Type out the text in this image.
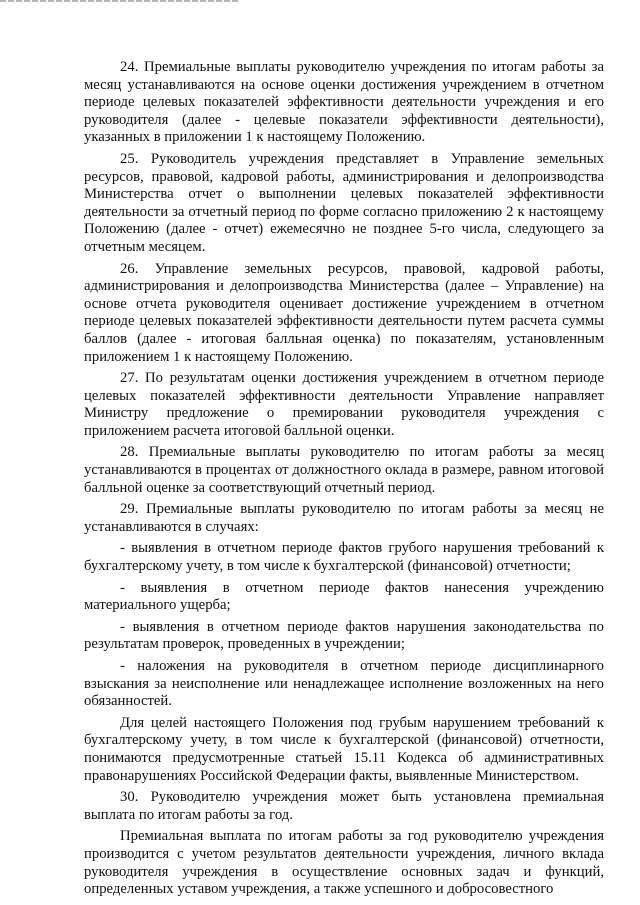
24. Премиальные выплаты руководителю учреждения по итогам работы за месяц устанавливаются на основе оценки достижения учреждением в отчетном периоде целевых показателей эффективности деятельности учреждения и его руководителя (далее - целевые показатели эффективности деятельности), указанных в приложении 1 к настоящему Положению.

25. Руководитель учреждения представляет в Управление земельных ресурсов, правовой, кадровой работы, администрирования и делопроизводства Министерства отчет о выполнении целевых показателей эффективности деятельности за отчетный период по форме согласно приложению 2 к настоящему Положению (далее - отчет) ежемесячно не позднее 5-го числа, следующего за отчетным месяцем.

26. Управление земельных ресурсов, правовой, кадровой работы, администрирования и делопроизводства Министерства (далее – Управление) на основе отчета руководителя оценивает достижение учреждением в отчетном периоде целевых показателей эффективности деятельности путем расчета суммы баллов (далее - итоговая балльная оценка) по показателям, установленным приложением 1 к настоящему Положению.

27. По результатам оценки достижения учреждением в отчетном периоде целевых показателей эффективности деятельности Управление направляет Министру предложение о премировании руководителя учреждения с приложением расчета итоговой балльной оценки.

28. Премиальные выплаты руководителю по итогам работы за месяц устанавливаются в процентах от должностного оклада в размере, равном итоговой балльной оценке за соответствующий отчетный период.

29. Премиальные выплаты руководителю по итогам работы за месяц не устанавливаются в случаях:

- выявления в отчетном периоде фактов грубого нарушения требований к бухгалтерскому учету, в том числе к бухгалтерской (финансовой) отчетности;

- выявления в отчетном периоде фактов нанесения учреждению материального ущерба;

- выявления в отчетном периоде фактов нарушения законодательства по результатам проверок, проведенных в учреждении;

- наложения на руководителя в отчетном периоде дисциплинарного взыскания за неисполнение или ненадлежащее исполнение возложенных на него обязанностей.

Для целей настоящего Положения под грубым нарушением требований к бухгалтерскому учету, в том числе к бухгалтерской (финансовой) отчетности, понимаются предусмотренные статьей 15.11 Кодекса об административных правонарушениях Российской Федерации факты, выявленные Министерством.

30. Руководителю учреждения может быть установлена премиальная выплата по итогам работы за год.

Премиальная выплата по итогам работы за год руководителю учреждения производится с учетом результатов деятельности учреждения, личного вклада руководителя учреждения в осуществление основных задач и функций, определенных уставом учреждения, а также успешного и добросовестного
